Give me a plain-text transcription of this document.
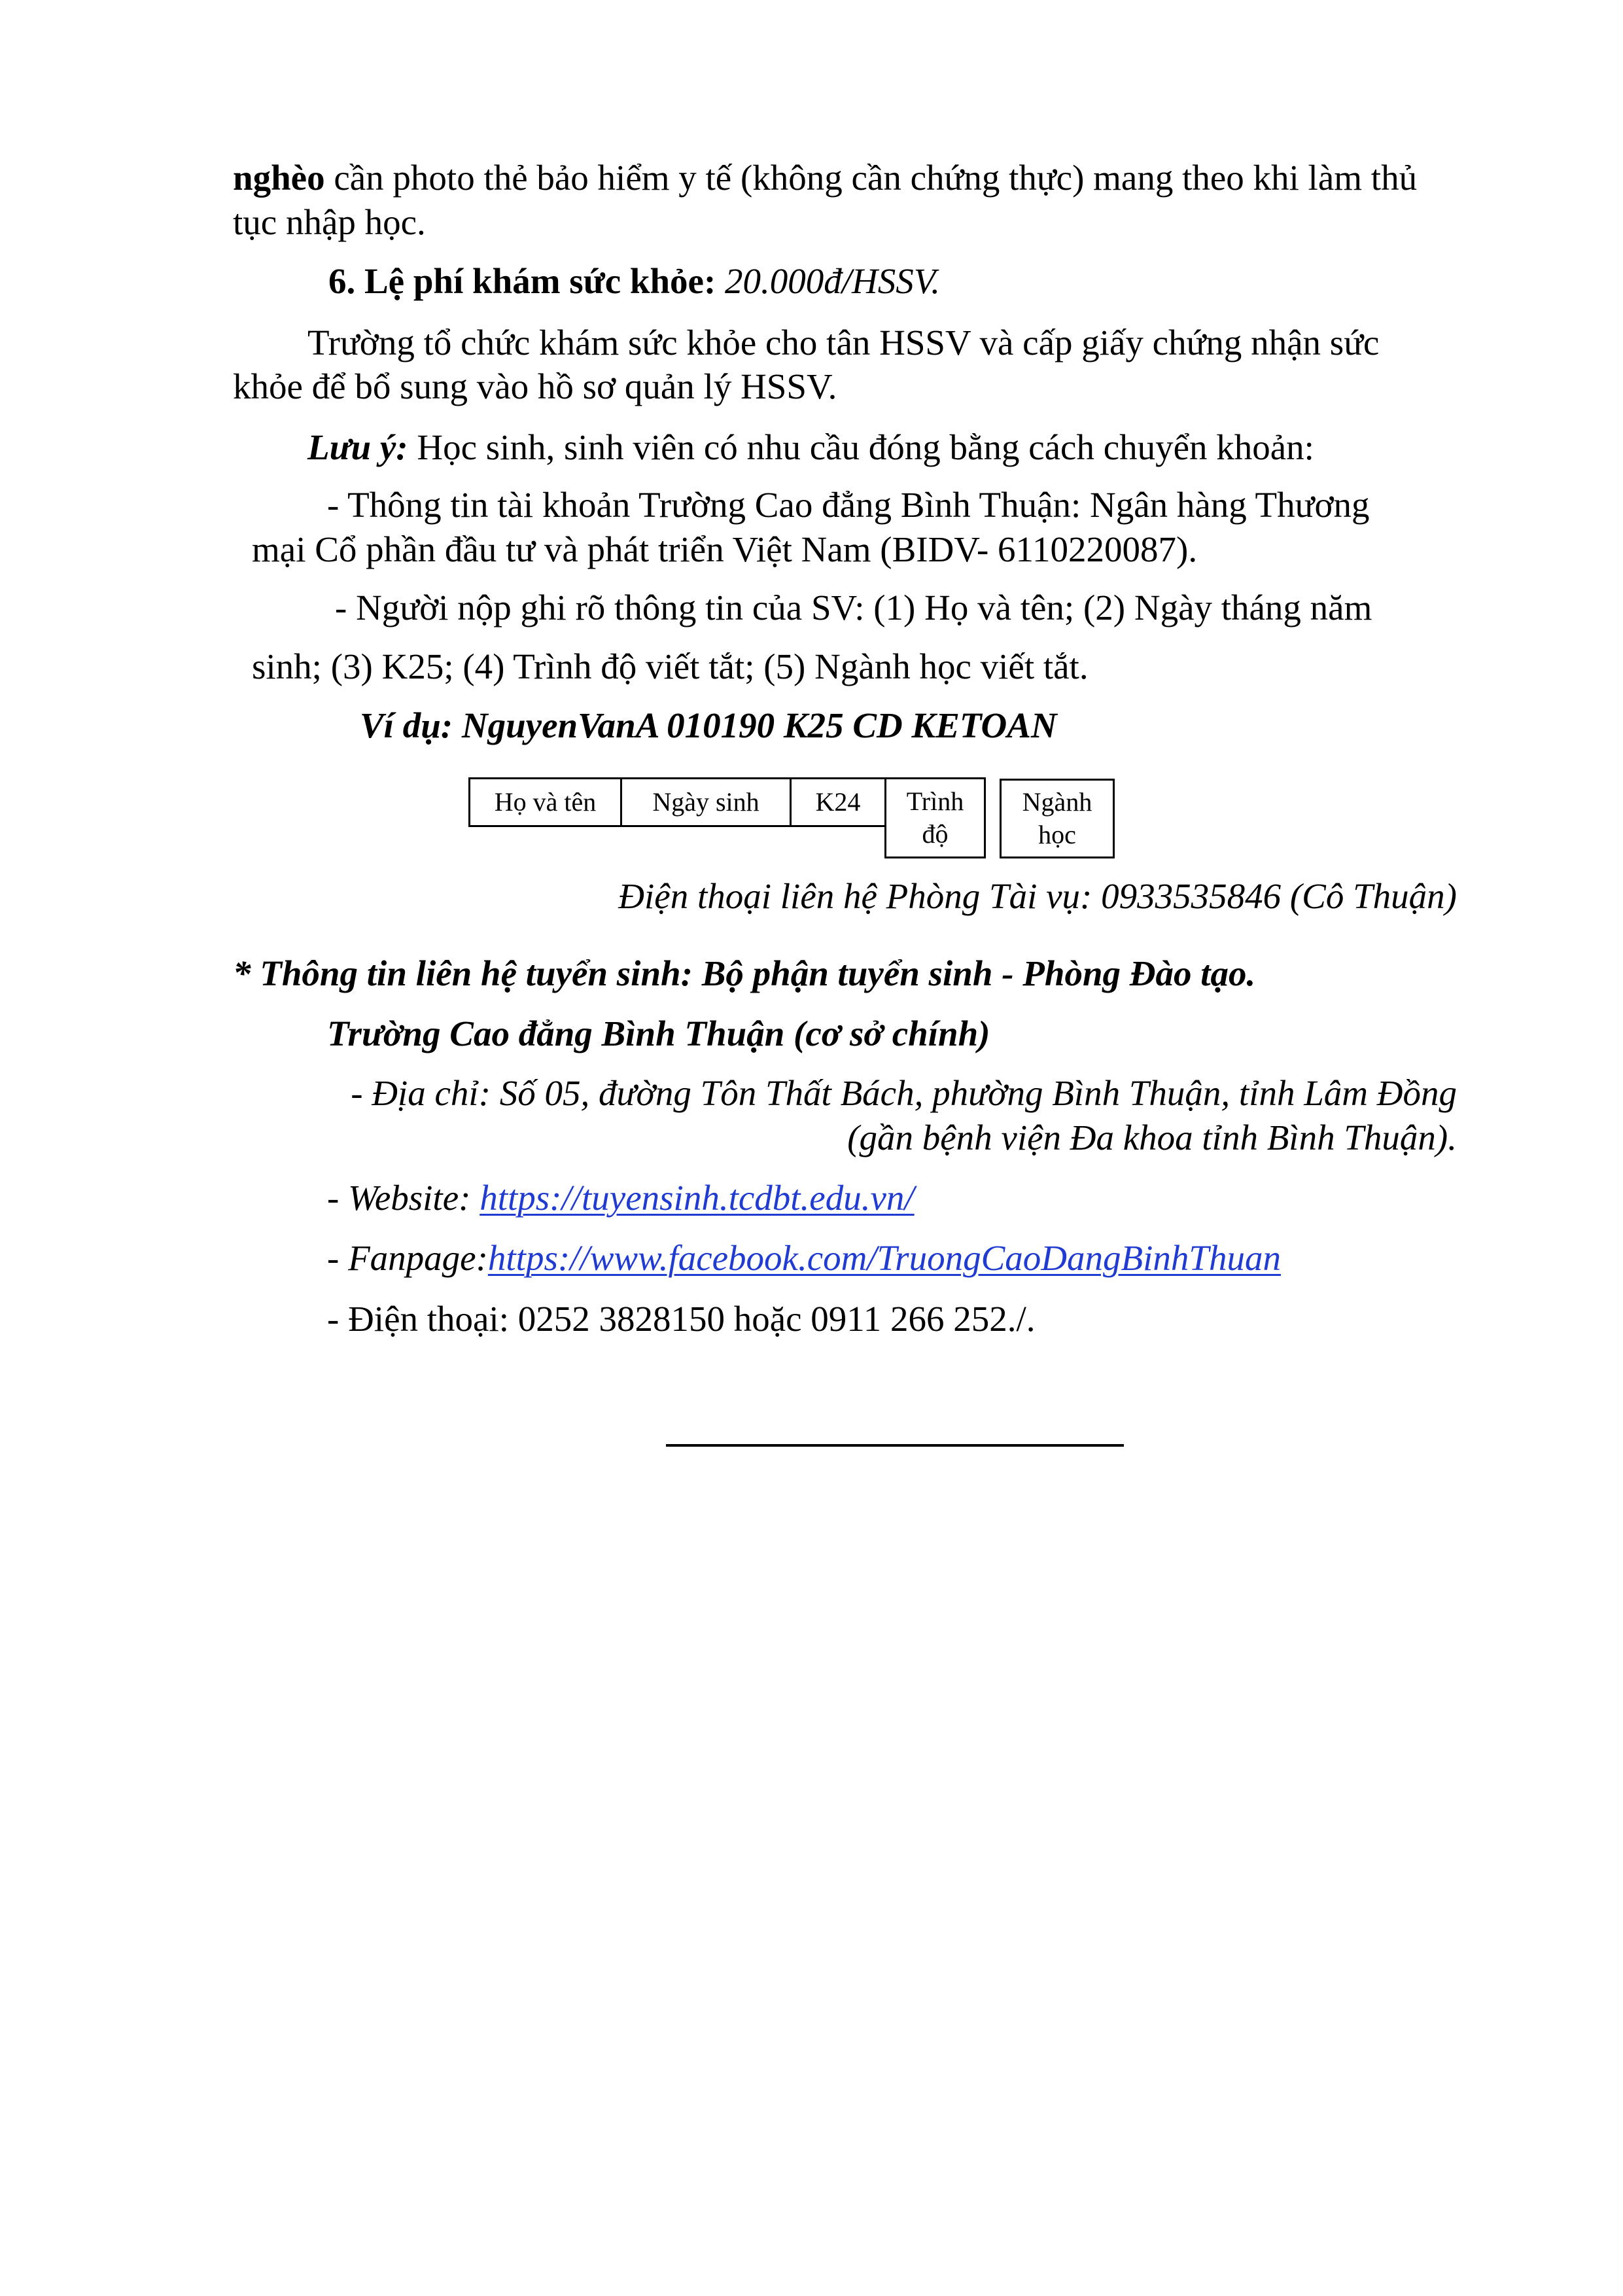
nghèo cần photo thẻ bảo hiểm y tế (không cần chứng thực) mang theo khi làm thủ
tục nhập học.
6. Lệ phí khám sức khỏe: 20.000đ/HSSV.
Trường tổ chức khám sức khỏe cho tân HSSV và cấp giấy chứng nhận sức
khỏe để bổ sung vào hồ sơ quản lý HSSV.
Lưu ý: Học sinh, sinh viên có nhu cầu đóng bằng cách chuyển khoản:
- Thông tin tài khoản Trường Cao đẳng Bình Thuận: Ngân hàng Thương
mại Cổ phần đầu tư và phát triển Việt Nam (BIDV- 6110220087).
- Người nộp ghi rõ thông tin của SV: (1) Họ và tên; (2) Ngày tháng năm
sinh; (3) K25; (4) Trình độ viết tắt; (5) Ngành học viết tắt.
Ví dụ: NguyenVanA 010190 K25 CD KETOAN
Họ và tên Ngày sinh K24 Trình
độ
Ngành
học
Điện thoại liên hệ Phòng Tài vụ: 0933535846 (Cô Thuận)
* Thông tin liên hệ tuyển sinh: Bộ phận tuyển sinh - Phòng Đào tạo.
Trường Cao đẳng Bình Thuận (cơ sở chính)
- Địa chỉ: Số 05, đường Tôn Thất Bách, phường Bình Thuận, tỉnh Lâm Đồng
(gần bệnh viện Đa khoa tỉnh Bình Thuận).
- Website: https://tuyensinh.tcdbt.edu.vn/
- Fanpage:https://www.facebook.com/TruongCaoDangBinhThuan
- Điện thoại: 0252 3828150 hoặc 0911 266 252./.
